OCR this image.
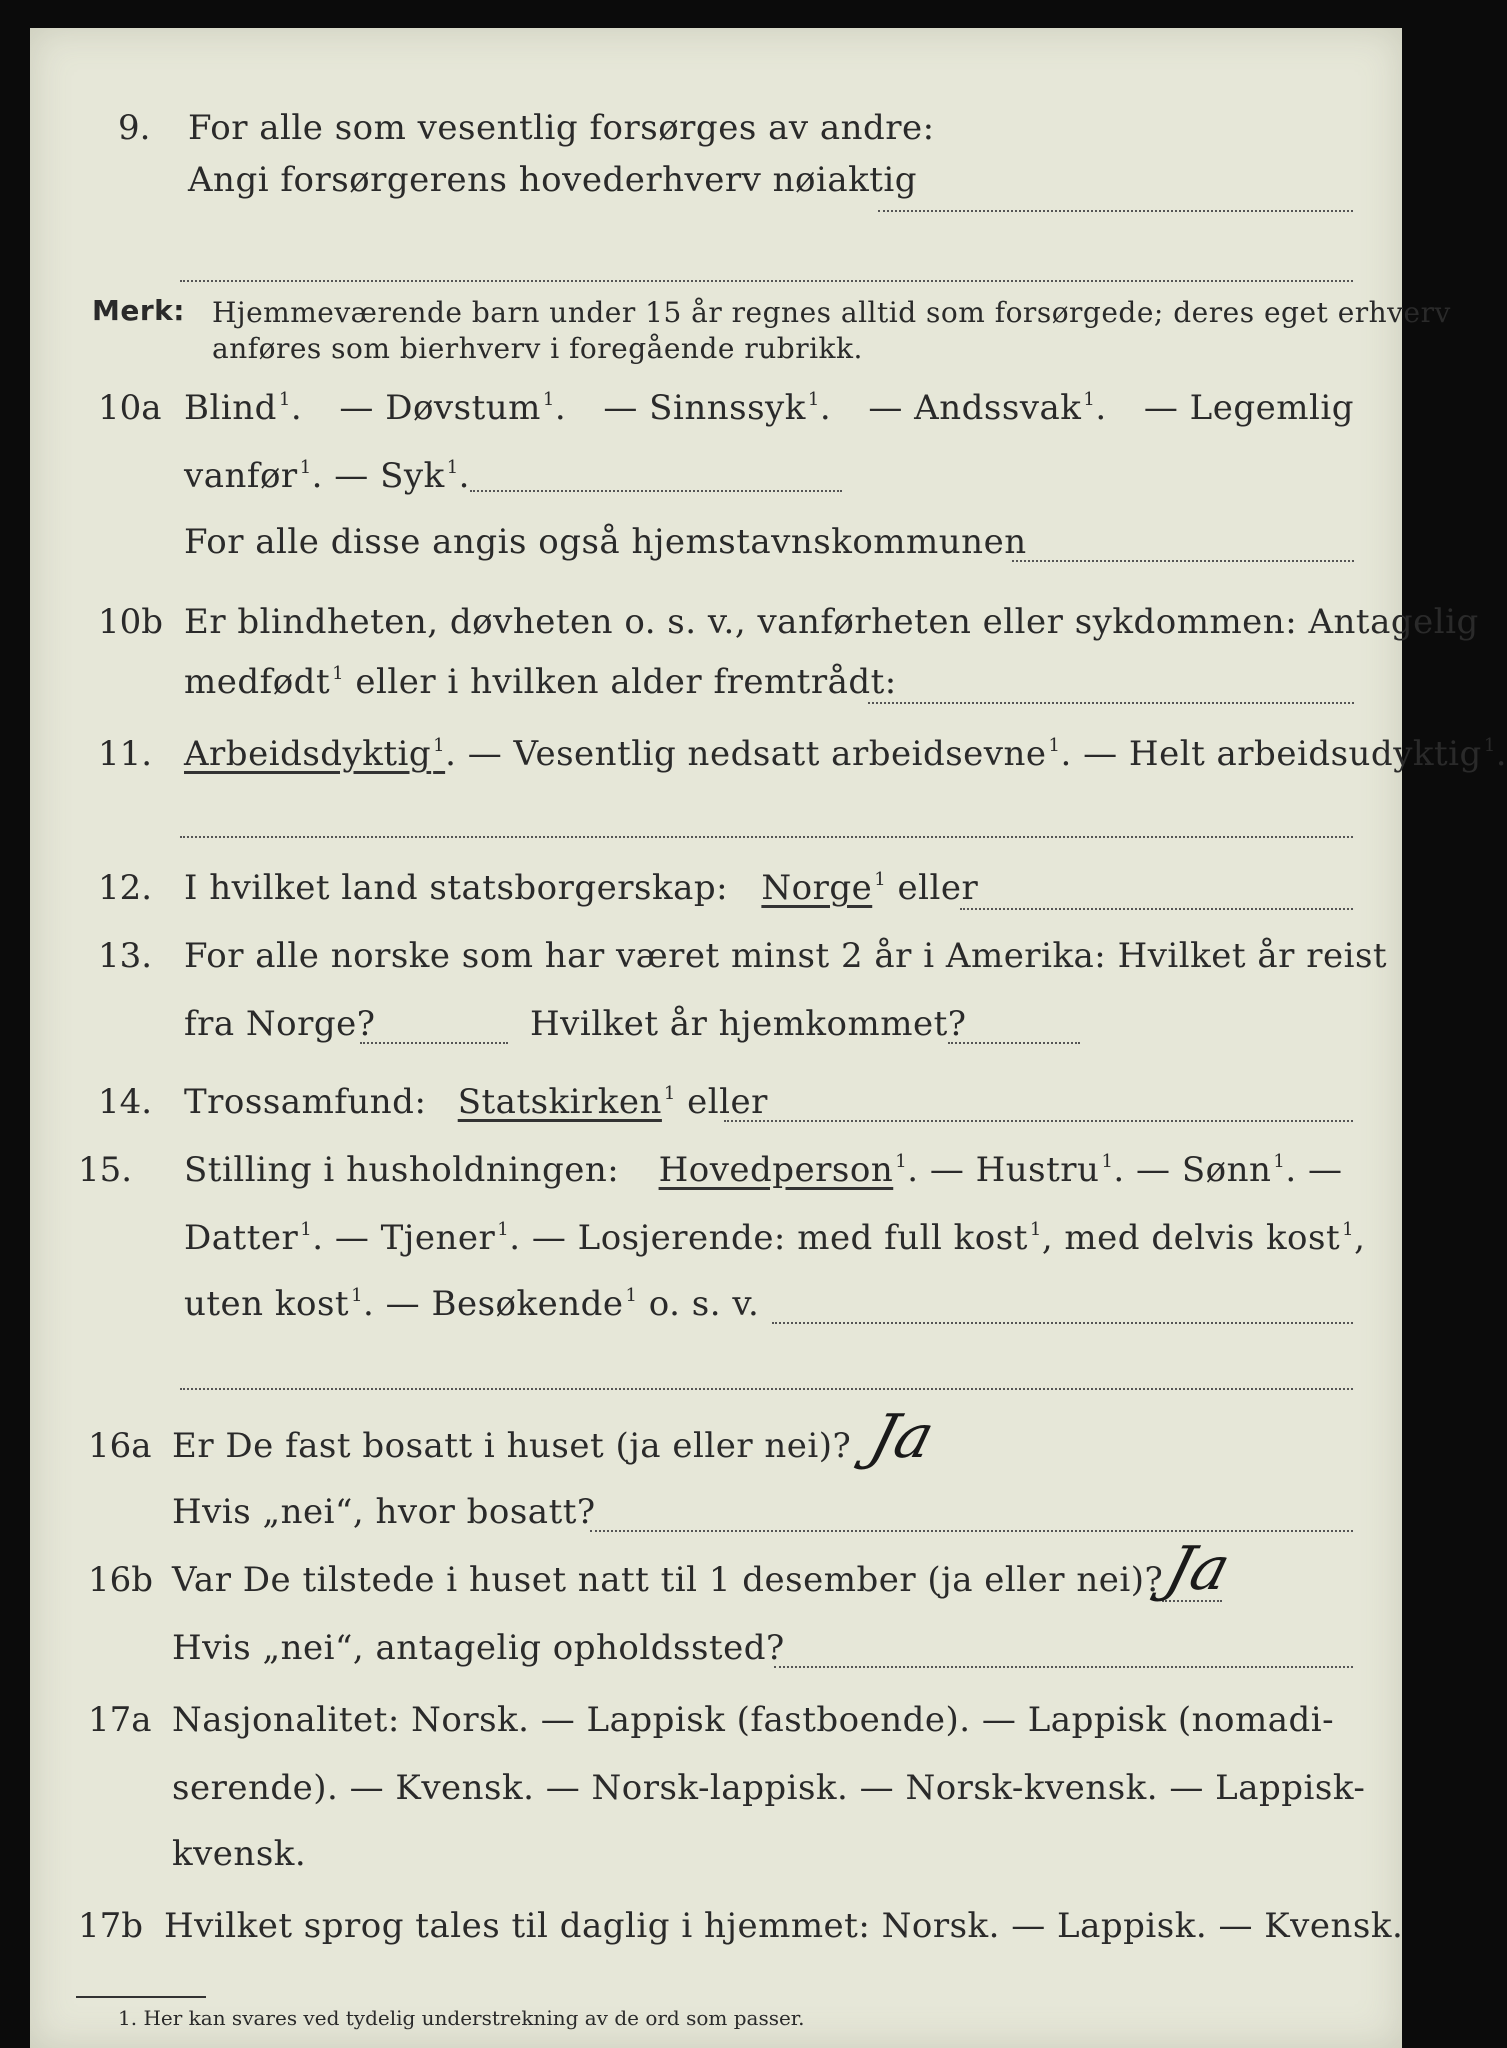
9. For alle som vesentlig forsørges av andre:
Angi forsørgerens hovederhverv nøiaktig
Merk: Hjemmeværende barn under 15 år regnes alltid som forsørgede; deres eget erhverv
anføres som bierhverv i foregående rubrikk.
10a Blind $^1$. — Døvstum $^1$. — Sinnssyk $^1$. — Andssvak $^1$. — Legemlig
vanfør $^1$. — Syk $^1$.
For alle disse angis også hjemstavnskommunen
10b Er blindheten, døvheten o. s. v., vanførheten eller sykdommen: Antagelig
medfødt $^1$ eller i hvilken alder fremtrådt:
11. Arbeidsdyktig $^1$. — Vesentlig nedsatt arbeidsevne $^1$. — Helt arbeidsudyktig $^1$.
12. I hvilket land statsborgerskap: Norge $^1$ eller
13. For alle norske som har været minst 2 år i Amerika: Hvilket år reist
fra Norge?	Hvilket år hjemkommet?
14. Trossamfund: Statskirken $^1$ eller
15. Stilling i husholdningen: Hovedperson $^1$. — Hustru $^1$. — Sønn $^1$. —
Datter $^1$. — Tjener $^1$. — Losjerende: med full kost $^1$, med delvis kost $^1$,
uten kost $^1$. — Besøkende $^1$ o. s. v.
16a Er De fast bosatt i huset (ja eller nei)? Ja
Hvis „nei“, hvor bosatt?
16b Var De tilstede i huset natt til 1 desember (ja eller nei)?
Ja
Hvis „nei“, antagelig opholdssted?
17a Nasjonalitet: Norsk. — Lappisk (fastboende). — Lappisk (nomadi-
serende). — Kvensk. — Norsk-lappisk. — Norsk-kvensk. — Lappisk-
kvensk.
17b Hvilket sprog tales til daglig i hjemmet: Norsk. — Lappisk. — Kvensk.
1. Her kan svares ved tydelig understrekning av de ord som passer.
